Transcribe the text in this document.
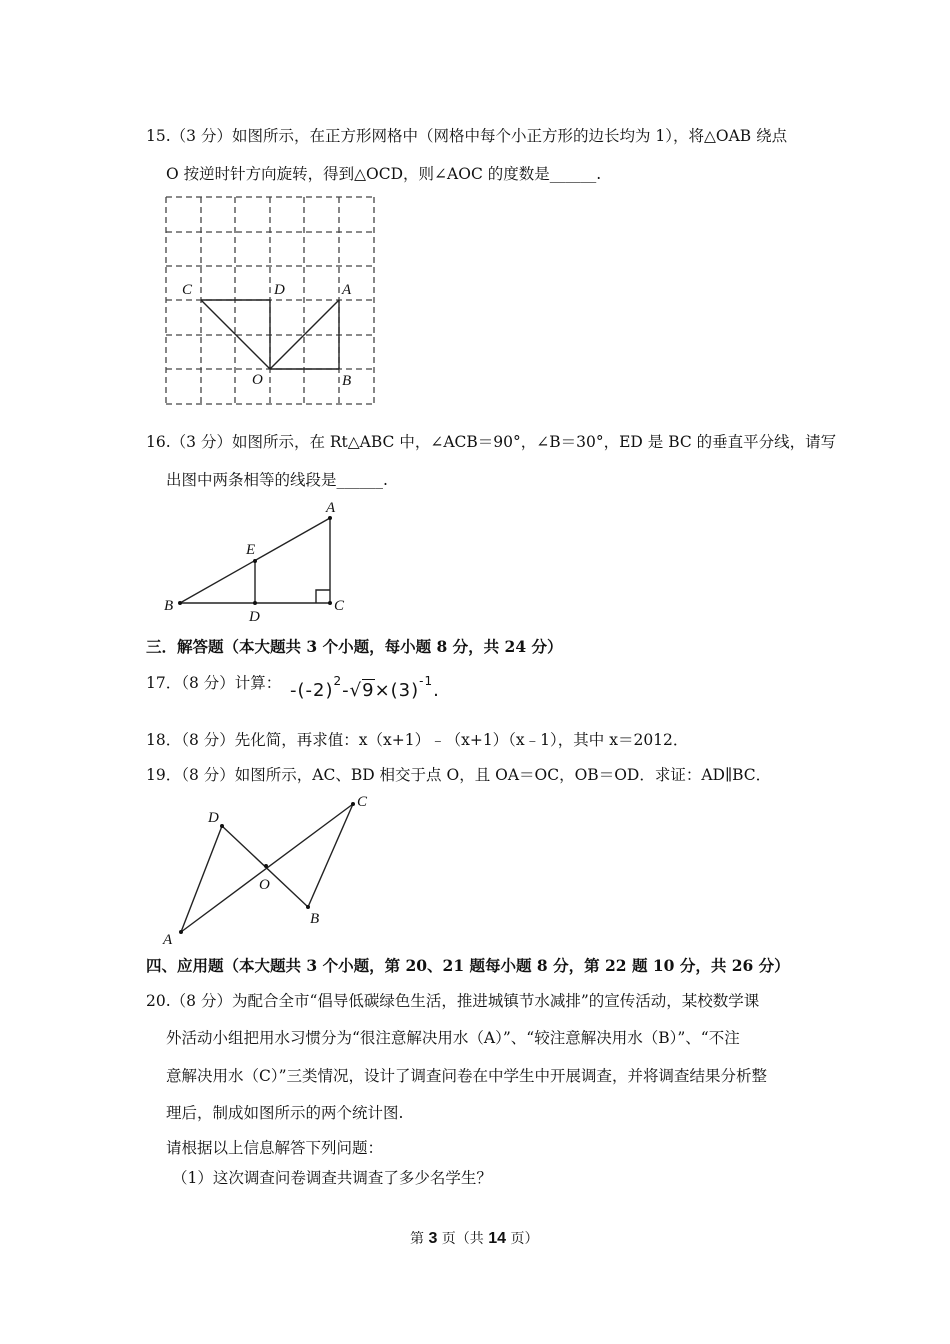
15.（3 分）如图所示，在正方形网格中（网格中每个小正方形的边长均为 1），将△OAB 绕点
O 按逆时针方向旋转，得到△OCD，则∠AOC 的度数是______.
C	D	A
O	B
16.（3 分）如图所示，在 Rt△ABC 中，∠ACB＝90°，∠B＝30°，ED 是 BC 的垂直平分线，请写
出图中两条相等的线段是______.
A
E
B
D
C
三．解答题（本大题共 3 个小题，每小题 8 分，共 24 分）
17．（8 分）计算： $-(-2)^2-√9\times(3)^{-1}$.
18．（8 分）先化简，再求值：x（x+1）﹣（x+1）（x﹣1），其中 x＝2012．
19．（8 分）如图所示，AC、BD 相交于点 O，且 OA＝OC，OB＝OD．求证：AD∥BC．
D
C
O
A
B
四、应用题（本大题共 3 个小题，第 20、21 题每小题 8 分，第 22 题 10 分，共 26 分）
20.（8 分）为配合全市“倡导低碳绿色生活，推进城镇节水减排”的宣传活动，某校数学课
外活动小组把用水习惯分为“很注意解决用水（A）”、“较注意解决用水（B）”、“不注
意解决用水（C）”三类情况，设计了调查问卷在中学生中开展调查，并将调查结果分析整
理后，制成如图所示的两个统计图.
请根据以上信息解答下列问题：
（1）这次调查问卷调查共调查了多少名学生？
第 3 页（共 14 页）
